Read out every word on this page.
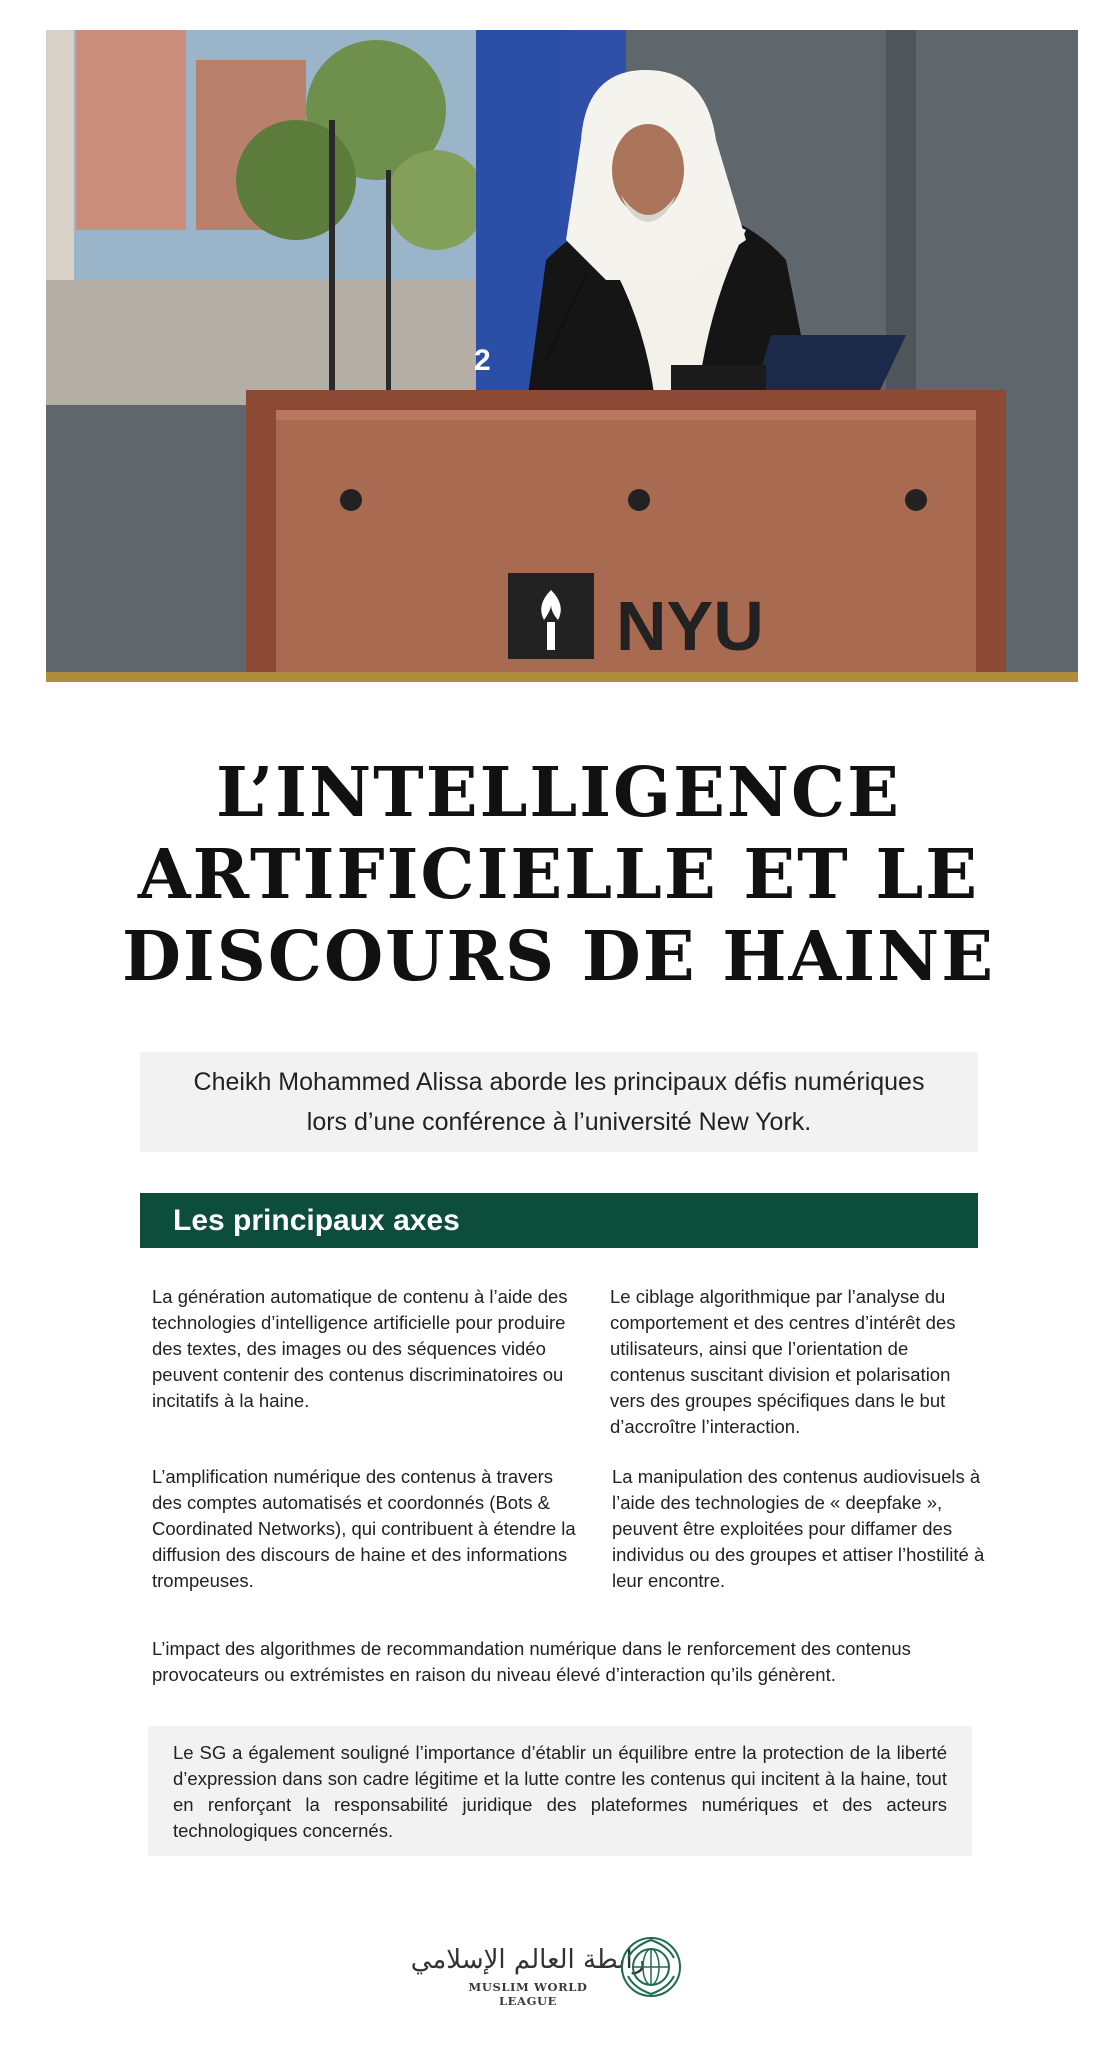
2
NYU
L’INTELLIGENCE
ARTIFICIELLE ET LE
DISCOURS DE HAINE

Cheikh Mohammed Alissa aborde les principaux défis numériques lors d’une conférence à l’université New York.

Les principaux axes

La génération automatique de contenu à l’aide des technologies d’intelligence artificielle pour produire des textes, des images ou des séquences vidéo peuvent contenir des contenus discriminatoires ou incitatifs à la haine.

Le ciblage algorithmique par l’analyse du comportement et des centres d’intérêt des utilisateurs, ainsi que l’orientation de contenus suscitant division et polarisation vers des groupes spécifiques dans le but d’accroître l’interaction.

L’amplification numérique des contenus à travers des comptes automatisés et coordonnés (Bots & Coordinated Networks), qui contribuent à étendre la diffusion des discours de haine et des informations trompeuses.

La manipulation des contenus audiovisuels à l’aide des technologies de « deepfake », peuvent être exploitées pour diffamer des individus ou des groupes et attiser l’hostilité à leur encontre.

L’impact des algorithmes de recommandation numérique dans le renforcement des contenus provocateurs ou extrémistes en raison du niveau élevé d’interaction qu’ils génèrent.

Le SG a également souligné l’importance d’établir un équilibre entre la protection de la liberté d’expression dans son cadre légitime et la lutte contre les contenus qui incitent à la haine, tout en renforçant la responsabilité juridique des plateformes numériques et des acteurs technologiques concernés.

رابطة العالم الإسلامي
MUSLIM WORLD LEAGUE
